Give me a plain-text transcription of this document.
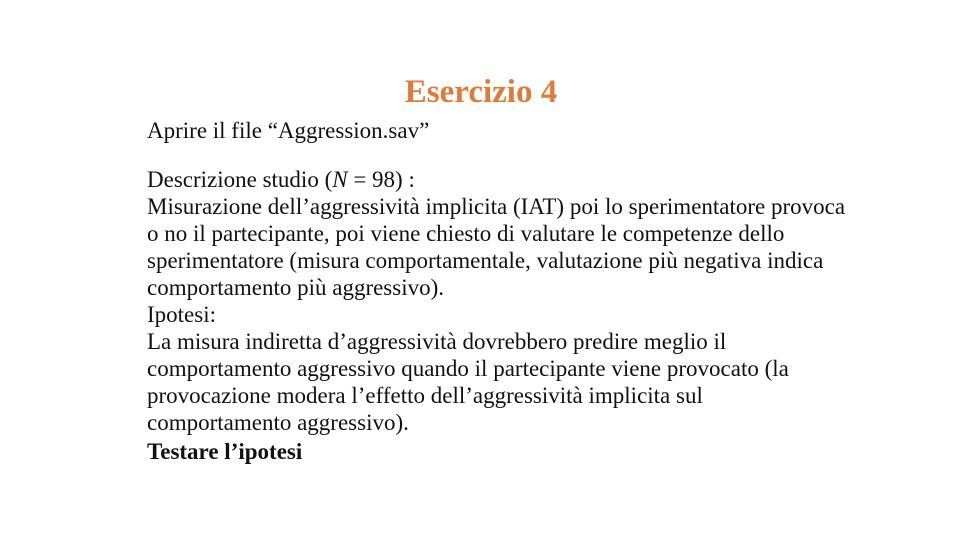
Esercizio 4

Aprire il file “Aggression.sav”

Descrizione studio (N = 98) :

Misurazione dell’aggressività implicita (IAT) poi lo sperimentatore provoca o no il partecipante, poi viene chiesto di valutare le competenze dello sperimentatore (misura comportamentale, valutazione più negativa indica comportamento più aggressivo).

Ipotesi:

La misura indiretta d’aggressività dovrebbero predire meglio il comportamento aggressivo quando il partecipante viene provocato (la provocazione modera l’effetto dell’aggressività implicita sul comportamento aggressivo).

Testare l’ipotesi
